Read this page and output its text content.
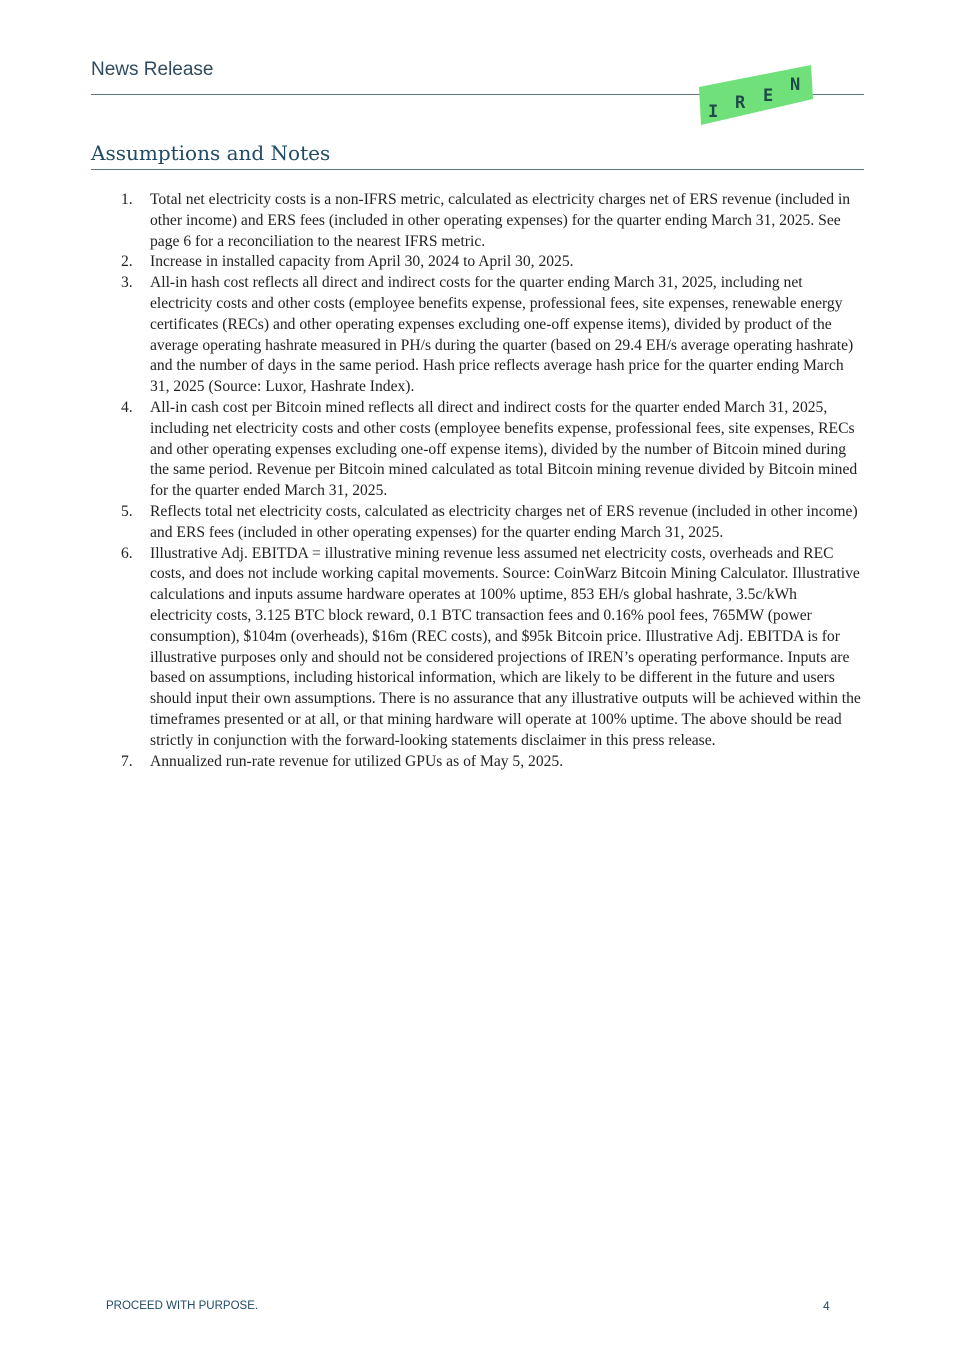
News Release
I R E
N
Assumptions and Notes
1. Total net electricity costs is a non-IFRS metric, calculated as electricity charges net of ERS revenue (included in other income) and ERS fees (included in other operating expenses) for the quarter ending March 31, 2025. See page 6 for a reconciliation to the nearest IFRS metric.
2. Increase in installed capacity from April 30, 2024 to April 30, 2025.
3. All-in hash cost reflects all direct and indirect costs for the quarter ending March 31, 2025, including net electricity costs and other costs (employee benefits expense, professional fees, site expenses, renewable energy certificates (RECs) and other operating expenses excluding one-off expense items), divided by product of the average operating hashrate measured in PH/s during the quarter (based on 29.4 EH/s average operating hashrate) and the number of days in the same period. Hash price reflects average hash price for the quarter ending March 31, 2025 (Source: Luxor, Hashrate Index).
4. All-in cash cost per Bitcoin mined reflects all direct and indirect costs for the quarter ended March 31, 2025, including net electricity costs and other costs (employee benefits expense, professional fees, site expenses, RECs and other operating expenses excluding one-off expense items), divided by the number of Bitcoin mined during the same period. Revenue per Bitcoin mined calculated as total Bitcoin mining revenue divided by Bitcoin mined for the quarter ended March 31, 2025.
5. Reflects total net electricity costs, calculated as electricity charges net of ERS revenue (included in other income) and ERS fees (included in other operating expenses) for the quarter ending March 31, 2025.
6. Illustrative Adj. EBITDA = illustrative mining revenue less assumed net electricity costs, overheads and REC costs, and does not include working capital movements. Source: CoinWarz Bitcoin Mining Calculator. Illustrative calculations and inputs assume hardware operates at 100% uptime, 853 EH/s global hashrate, 3.5c/kWh electricity costs, 3.125 BTC block reward, 0.1 BTC transaction fees and 0.16% pool fees, 765MW (power consumption), $104m (overheads), $16m (REC costs), and $95k Bitcoin price. Illustrative Adj. EBITDA is for illustrative purposes only and should not be considered projections of IREN’s operating performance. Inputs are based on assumptions, including historical information, which are likely to be different in the future and users should input their own assumptions. There is no assurance that any illustrative outputs will be achieved within the timeframes presented or at all, or that mining hardware will operate at 100% uptime. The above should be read strictly in conjunction with the forward-looking statements disclaimer in this press release.
7. Annualized run-rate revenue for utilized GPUs as of May 5, 2025.
PROCEED WITH PURPOSE.	4
